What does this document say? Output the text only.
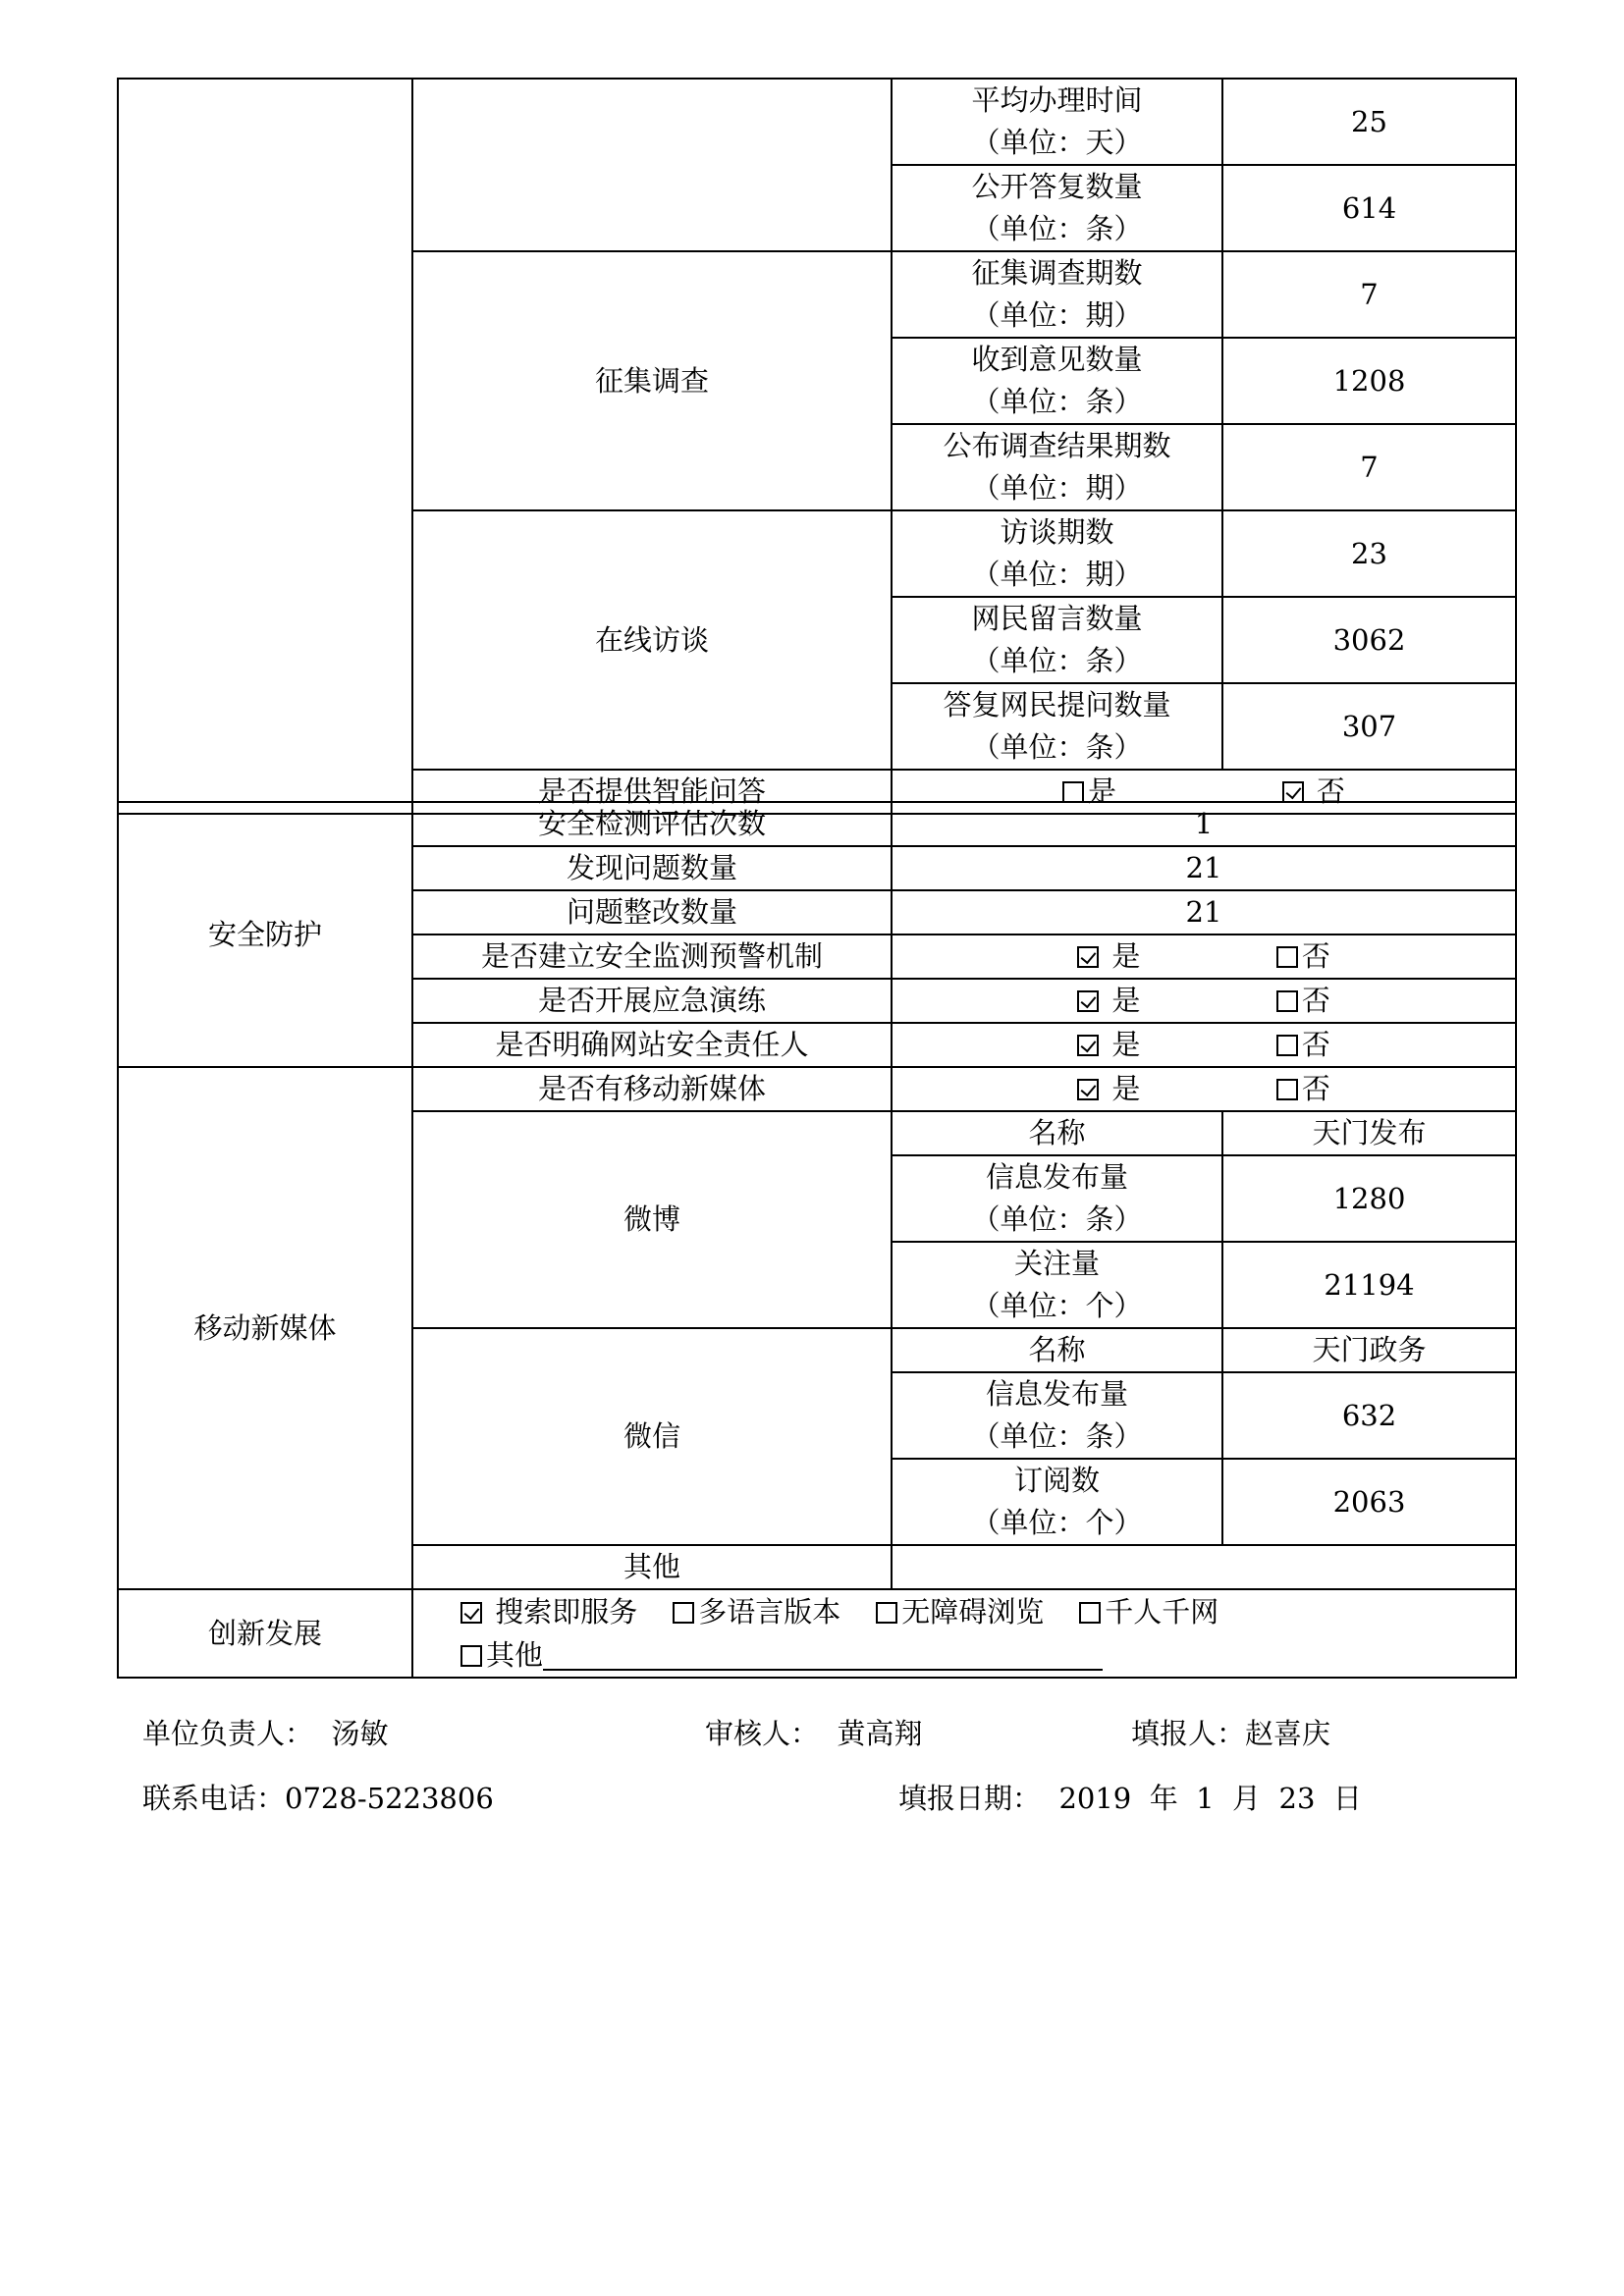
		平均办理时间
（单位：天）	25

		公开答复数量
（单位：条）	614
	征集调查	征集调查期数
（单位：期）	7

		收到意见数量
（单位：条）	1208

		公布调查结果期数
（单位：期）	7
	在线访谈	访谈期数
（单位：期）	23

		网民留言数量
（单位：条）	3062

		答复网民提问数量
（单位：条）	307
	是否提供智能问答	是 否	
安全防护	安全检测评估次数	1	
	发现问题数量	21	
	问题整改数量	21	
	是否建立安全监测预警机制	是 否	
	是否开展应急演练	是 否	
	是否明确网站安全责任人	是 否	
移动新媒体	是否有移动新媒体	是 否	
	微博	名称	天门发布

		信息发布量
（单位：条）	1280

		关注量
（单位：个）	21194
	微信	名称	天门政务

		信息发布量
（单位：条）	632

		订阅数
（单位：个）	2063
	其他		
创新发展	搜索即服务 多语言版本 无障碍浏览 千人千网
其他		
单位负责人： 汤敏	审核人： 黄高翔	填报人：赵喜庆
联系电话：0728-5223806	填报日期： 2019 年 1 月 23 日
